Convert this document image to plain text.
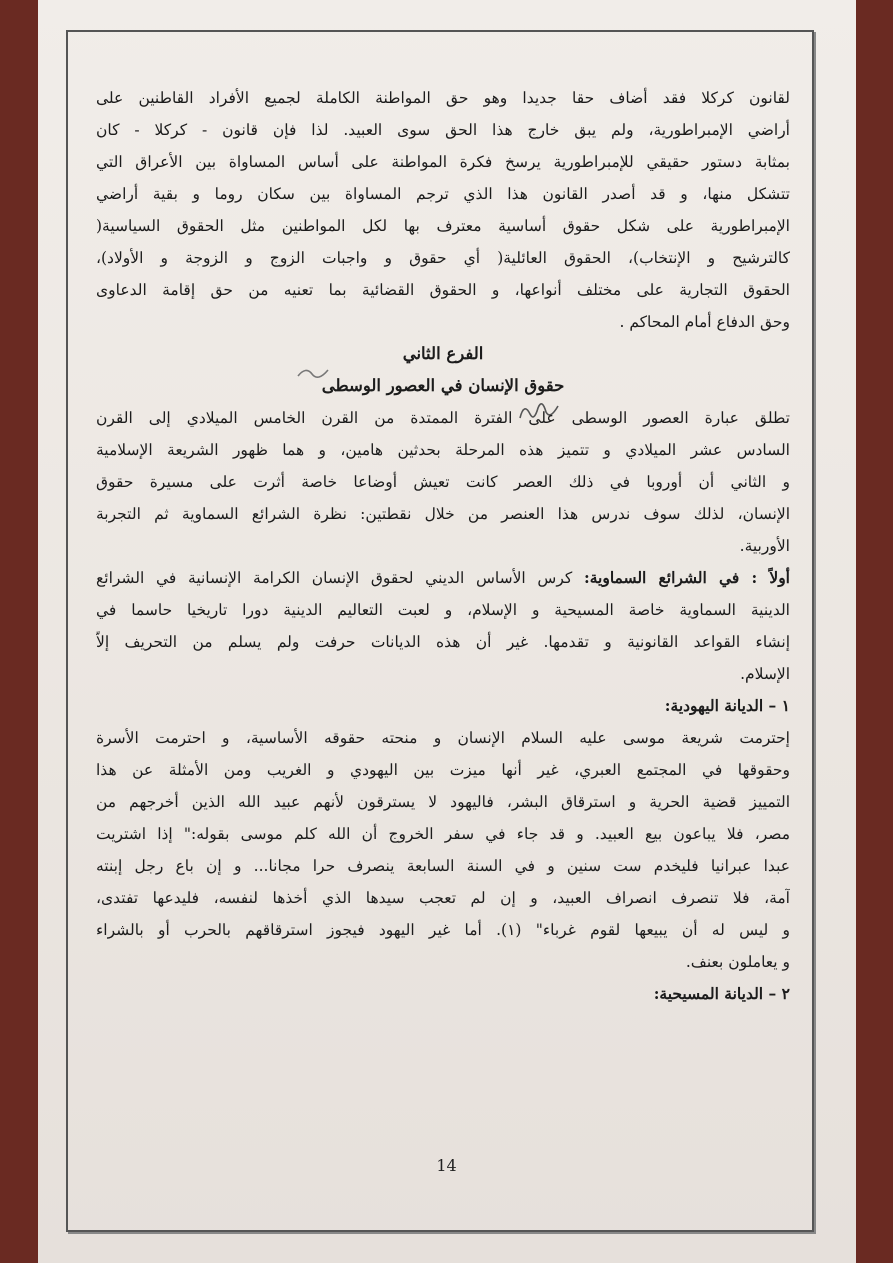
لقانون كركلا فقد أضاف حقا جديدا وهو حق المواطنة الكاملة لجميع الأفراد القاطنين على
أراضي الإمبراطورية، ولم يبق خارج هذا الحق سوى العبيد. لذا فإن قانون - كركلا - كان
بمثابة دستور حقيقي للإمبراطورية يرسخ فكرة المواطنة على أساس المساواة بين الأعراق التي
تتشكل منها، و قد أصدر القانون هذا الذي ترجم المساواة بين سكان روما و بقية أراضي
الإمبراطورية على شكل حقوق أساسية معترف بها لكل المواطنين مثل الحقوق السياسية(
كالترشيح و الإنتخاب)، الحقوق العائلية( أي حقوق و واجبات الزوج و الزوجة و الأولاد)،
الحقوق التجارية على مختلف أنواعها، و الحقوق القضائية بما تعنيه من حق إقامة الدعاوى
وحق الدفاع أمام المحاكم .
الفرع الثاني
حقوق الإنسان في العصور الوسطى
تطلق عبارة العصور الوسطى على الفترة الممتدة من القرن الخامس الميلادي إلى القرن
السادس عشر الميلادي و تتميز هذه المرحلة بحدثين هامين، و هما ظهور الشريعة الإسلامية
و الثاني أن أوروبا في ذلك العصر كانت تعيش أوضاعا خاصة أثرت على مسيرة حقوق
الإنسان، لذلك سوف ندرس هذا العنصر من خلال نقطتين: نظرة الشرائع السماوية ثم التجربة
الأوربية.
أولاً : في الشرائع السماوية: كرس الأساس الديني لحقوق الإنسان الكرامة الإنسانية في الشرائع
الدينية السماوية خاصة المسيحية و الإسلام، و لعبت التعاليم الدينية دورا تاريخيا حاسما في
إنشاء القواعد القانونية و تقدمها. غير أن هذه الديانات حرفت ولم يسلم من التحريف إلاّ
الإسلام.
١ – الديانة اليهودية:
إحترمت شريعة موسى عليه السلام الإنسان و منحته حقوقه الأساسية، و احترمت الأسرة
وحقوقها في المجتمع العبري، غير أنها ميزت بين اليهودي و الغريب ومن الأمثلة عن هذا
التمييز قضية الحرية و استرقاق البشر، فاليهود لا يسترقون لأنهم عبيد الله الذين أخرجهم من
مصر، فلا يباعون بيع العبيد. و قد جاء في سفر الخروج أن الله كلم موسى بقوله:" إذا اشتريت
عبدا عبرانيا فليخدم ست سنين و في السنة السابعة ينصرف حرا مجانا... و إن باع رجل إبنته
آمة، فلا تنصرف انصراف العبيد، و إن لم تعجب سيدها الذي أخذها لنفسه، فليدعها تفتدى،
و ليس له أن يبيعها لقوم غرباء" (١). أما غير اليهود فيجوز استرقاقهم بالحرب أو بالشراء
و يعاملون بعنف.
٢ – الديانة المسيحية:
14
